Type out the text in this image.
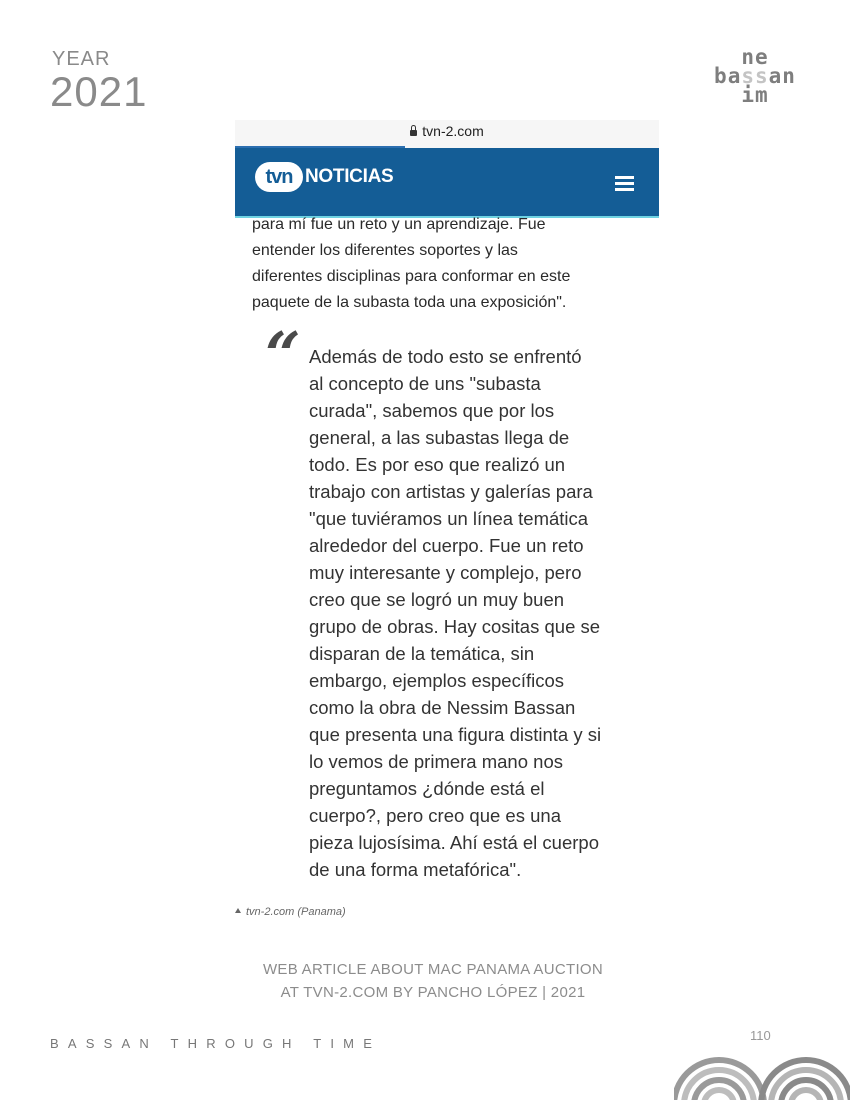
YEAR
2021
ne
bassan
im
tvn-2.com
tvn NOTICIAS

para mí fue un reto y un aprendizaje. Fue
entender los diferentes soportes y las
diferentes disciplinas para conformar en este
paquete de la subasta toda una exposición".

“ Además de todo esto se enfrentó
al concepto de uns "subasta
curada", sabemos que por los
general, a las subastas llega de
todo. Es por eso que realizó un
trabajo con artistas y galerías para
"que tuviéramos un línea temática
alrededor del cuerpo. Fue un reto
muy interesante y complejo, pero
creo que se logró un muy buen
grupo de obras. Hay cositas que se
disparan de la temática, sin
embargo, ejemplos específicos
como la obra de Nessim Bassan
que presenta una figura distinta y si
lo vemos de primera mano nos
preguntamos ¿dónde está el
cuerpo?, pero creo que es una
pieza lujosísima. Ahí está el cuerpo
de una forma metafórica".

tvn-2.com (Panama)
WEB ARTICLE ABOUT MAC PANAMA AUCTION
AT TVN-2.COM BY PANCHO LÓPEZ | 2021
BASSAN THROUGH TIME
110
